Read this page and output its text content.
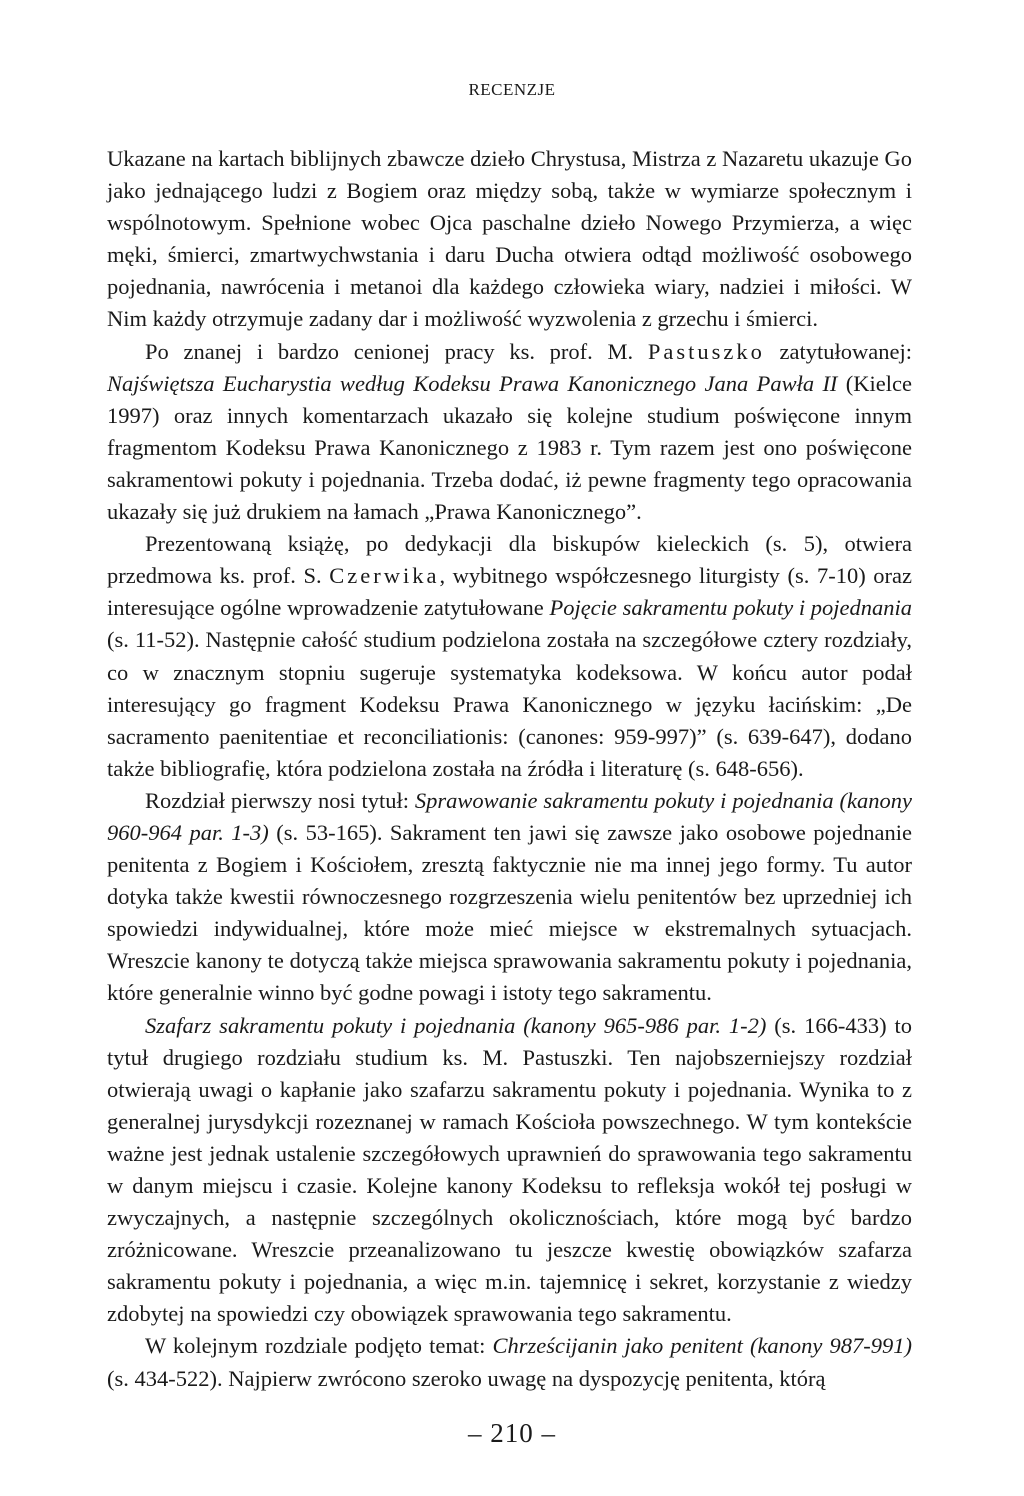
RECENZJE

Ukazane na kartach biblijnych zbawcze dzieło Chrystusa, Mistrza z Nazaretu ukazuje Go jako jednającego ludzi z Bogiem oraz między sobą, także w wymiarze społecznym i wspólnotowym. Spełnione wobec Ojca paschalne dzieło Nowego Przymierza, a więc męki, śmierci, zmartwychwstania i daru Ducha otwiera odtąd możliwość osobowego pojednania, nawrócenia i metanoi dla każdego człowieka wiary, nadziei i miłości. W Nim każdy otrzymuje zadany dar i możliwość wyzwolenia z grzechu i śmierci.

Po znanej i bardzo cenionej pracy ks. prof. M. Pastuszko zatytułowanej: Najświętsza Eucharystia według Kodeksu Prawa Kanonicznego Jana Pawła II (Kielce 1997) oraz innych komentarzach ukazało się kolejne studium poświęcone innym fragmentom Kodeksu Prawa Kanonicznego z 1983 r. Tym razem jest ono poświęcone sakramentowi pokuty i pojednania. Trzeba dodać, iż pewne fragmenty tego opracowania ukazały się już drukiem na łamach „Prawa Kanonicznego”.

Prezentowaną książę, po dedykacji dla biskupów kieleckich (s. 5), otwiera przedmowa ks. prof. S. Czerwika, wybitnego współczesnego liturgisty (s. 7-10) oraz interesujące ogólne wprowadzenie zatytułowane Pojęcie sakramentu pokuty i pojednania (s. 11-52). Następnie całość studium podzielona została na szczegółowe cztery rozdziały, co w znacznym stopniu sugeruje systematyka kodeksowa. W końcu autor podał interesujący go fragment Kodeksu Prawa Kanonicznego w języku łacińskim: „De sacramento paenitentiae et reconciliationis: (canones: 959-997)” (s. 639-647), dodano także bibliografię, która podzielona została na źródła i literaturę (s. 648-656).

Rozdział pierwszy nosi tytuł: Sprawowanie sakramentu pokuty i pojednania (kanony 960-964 par. 1-3) (s. 53-165). Sakrament ten jawi się zawsze jako osobowe pojednanie penitenta z Bogiem i Kościołem, zresztą faktycznie nie ma innej jego formy. Tu autor dotyka także kwestii równoczesnego rozgrzeszenia wielu penitentów bez uprzedniej ich spowiedzi indywidualnej, które może mieć miejsce w ekstremalnych sytuacjach. Wreszcie kanony te dotyczą także miejsca sprawowania sakramentu pokuty i pojednania, które generalnie winno być godne powagi i istoty tego sakramentu.

Szafarz sakramentu pokuty i pojednania (kanony 965-986 par. 1-2) (s. 166-433) to tytuł drugiego rozdziału studium ks. M. Pastuszki. Ten najobszerniejszy rozdział otwierają uwagi o kapłanie jako szafarzu sakramentu pokuty i pojednania. Wynika to z generalnej jurysdykcji rozeznanej w ramach Kościoła powszechnego. W tym kontekście ważne jest jednak ustalenie szczegółowych uprawnień do sprawowania tego sakramentu w danym miejscu i czasie. Kolejne kanony Kodeksu to refleksja wokół tej posługi w zwyczajnych, a następnie szczególnych okolicznościach, które mogą być bardzo zróżnicowane. Wreszcie przeanalizowano tu jeszcze kwestię obowiązków szafarza sakramentu pokuty i pojednania, a więc m.in. tajemnicę i sekret, korzystanie z wiedzy zdobytej na spowiedzi czy obowiązek sprawowania tego sakramentu.

W kolejnym rozdziale podjęto temat: Chrześcijanin jako penitent (kanony 987-991) (s. 434-522). Najpierw zwrócono szeroko uwagę na dyspozycję penitenta, którą

– 210 –
